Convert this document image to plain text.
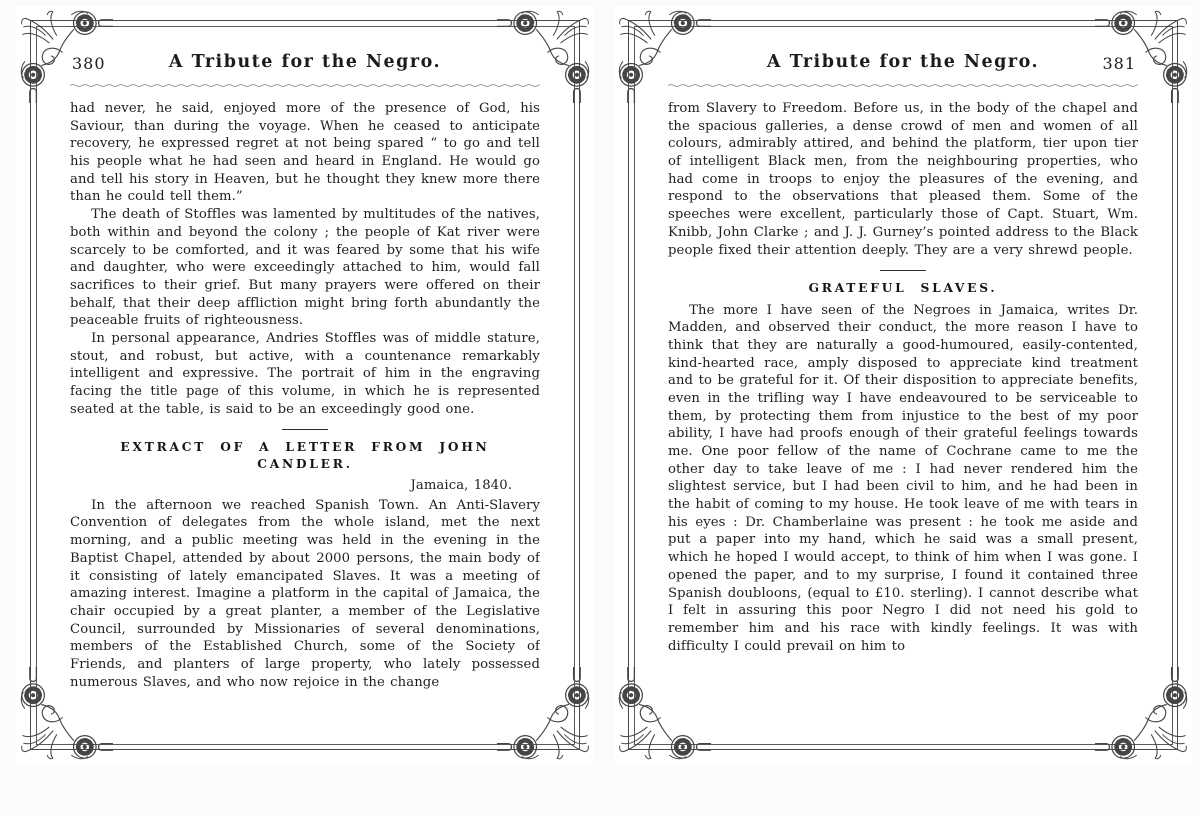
380	A Tribute for the Negro.

had never, he said, enjoyed more of the presence of God, his Saviour, than during the voyage. When he ceased to anticipate recovery, he expressed regret at not being spared “ to go and tell his people what he had seen and heard in England. He would go and tell his story in Heaven, but he thought they knew more there than he could tell them.”

The death of Stoffles was lamented by multitudes of the natives, both within and beyond the colony ; the people of Kat river were scarcely to be comforted, and it was feared by some that his wife and daughter, who were exceedingly attached to him, would fall sacrifices to their grief. But many prayers were offered on their behalf, that their deep affliction might bring forth abundantly the peaceable fruits of righteousness.

In personal appearance, Andries Stoffles was of middle stature, stout, and robust, but active, with a countenance remarkably intelligent and expressive. The portrait of him in the engraving facing the title page of this volume, in which he is represented seated at the table, is said to be an exceedingly good one.

EXTRACT OF A LETTER FROM JOHN CANDLER.

Jamaica, 1840.

In the afternoon we reached Spanish Town. An Anti-Slavery Convention of delegates from the whole island, met the next morning, and a public meeting was held in the evening in the Baptist Chapel, attended by about 2000 persons, the main body of it consisting of lately emancipated Slaves. It was a meeting of amazing interest. Imagine a platform in the capital of Jamaica, the chair occupied by a great planter, a member of the Legislative Council, surrounded by Missionaries of several denominations, members of the Established Church, some of the Society of Friends, and planters of large property, who lately possessed numerous Slaves, and who now rejoice in the change

A Tribute for the Negro.	381

from Slavery to Freedom. Before us, in the body of the chapel and the spacious galleries, a dense crowd of men and women of all colours, admirably attired, and behind the platform, tier upon tier of intelligent Black men, from the neighbouring properties, who had come in troops to enjoy the pleasures of the evening, and respond to the observations that pleased them. Some of the speeches were excellent, particularly those of Capt. Stuart, Wm. Knibb, John Clarke ; and J. J. Gurney’s pointed address to the Black people fixed their attention deeply. They are a very shrewd people.

GRATEFUL SLAVES.

The more I have seen of the Negroes in Jamaica, writes Dr. Madden, and observed their conduct, the more reason I have to think that they are naturally a good-humoured, easily-contented, kind-hearted race, amply disposed to appreciate kind treatment and to be grateful for it. Of their disposition to appreciate benefits, even in the trifling way I have endeavoured to be serviceable to them, by protecting them from injustice to the best of my poor ability, I have had proofs enough of their grateful feelings towards me. One poor fellow of the name of Cochrane came to me the other day to take leave of me : I had never rendered him the slightest service, but I had been civil to him, and he had been in the habit of coming to my house. He took leave of me with tears in his eyes : Dr. Chamberlaine was present : he took me aside and put a paper into my hand, which he said was a small present, which he hoped I would accept, to think of him when I was gone. I opened the paper, and to my surprise, I found it contained three Spanish doubloons, (equal to £10. sterling). I cannot describe what I felt in assuring this poor Negro I did not need his gold to remember him and his race with kindly feelings. It was with difficulty I could prevail on him to
